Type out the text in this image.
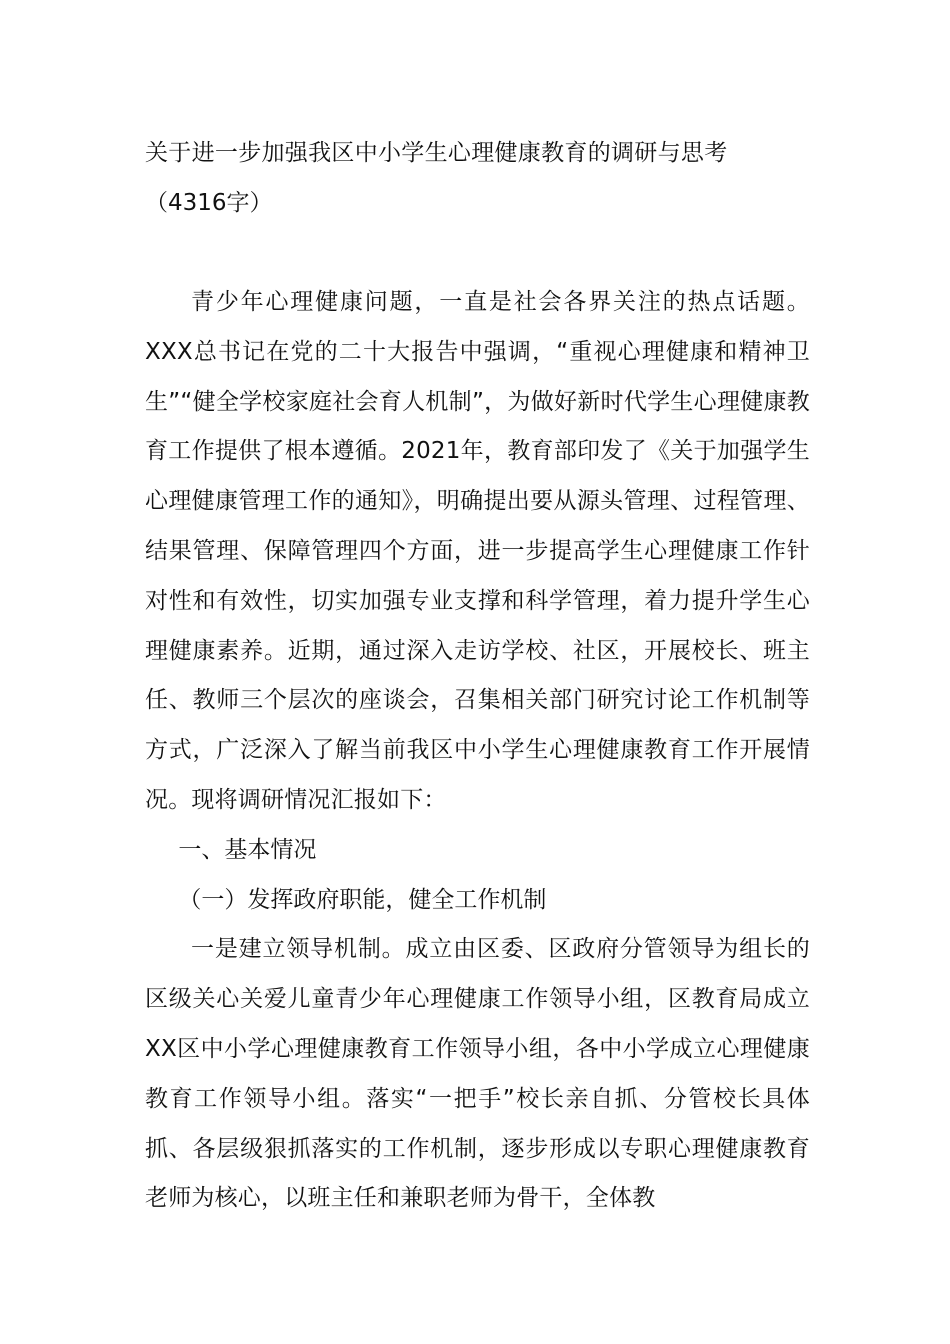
关于进一步加强我区中小学生心理健康教育的调研与思考

（4316字）

青少年心理健康问题，一直是社会各界关注的热点话题。XXX总书记在党的二十大报告中强调，“重视心理健康和精神卫生”“健全学校家庭社会育人机制”，为做好新时代学生心理健康教育工作提供了根本遵循。2021年，教育部印发了《关于加强学生心理健康管理工作的通知》，明确提出要从源头管理、过程管理、结果管理、保障管理四个方面，进一步提高学生心理健康工作针对性和有效性，切实加强专业支撑和科学管理，着力提升学生心理健康素养。近期，通过深入走访学校、社区，开展校长、班主任、教师三个层次的座谈会，召集相关部门研究讨论工作机制等方式，广泛深入了解当前我区中小学生心理健康教育工作开展情况。现将调研情况汇报如下：

一、基本情况

（一）发挥政府职能，健全工作机制

一是建立领导机制。成立由区委、区政府分管领导为组长的区级关心关爱儿童青少年心理健康工作领导小组，区教育局成立XX区中小学心理健康教育工作领导小组，各中小学成立心理健康教育工作领导小组。落实“一把手”校长亲自抓、分管校长具体抓、各层级狠抓落实的工作机制，逐步形成以专职心理健康教育老师为核心，以班主任和兼职老师为骨干，全体教
